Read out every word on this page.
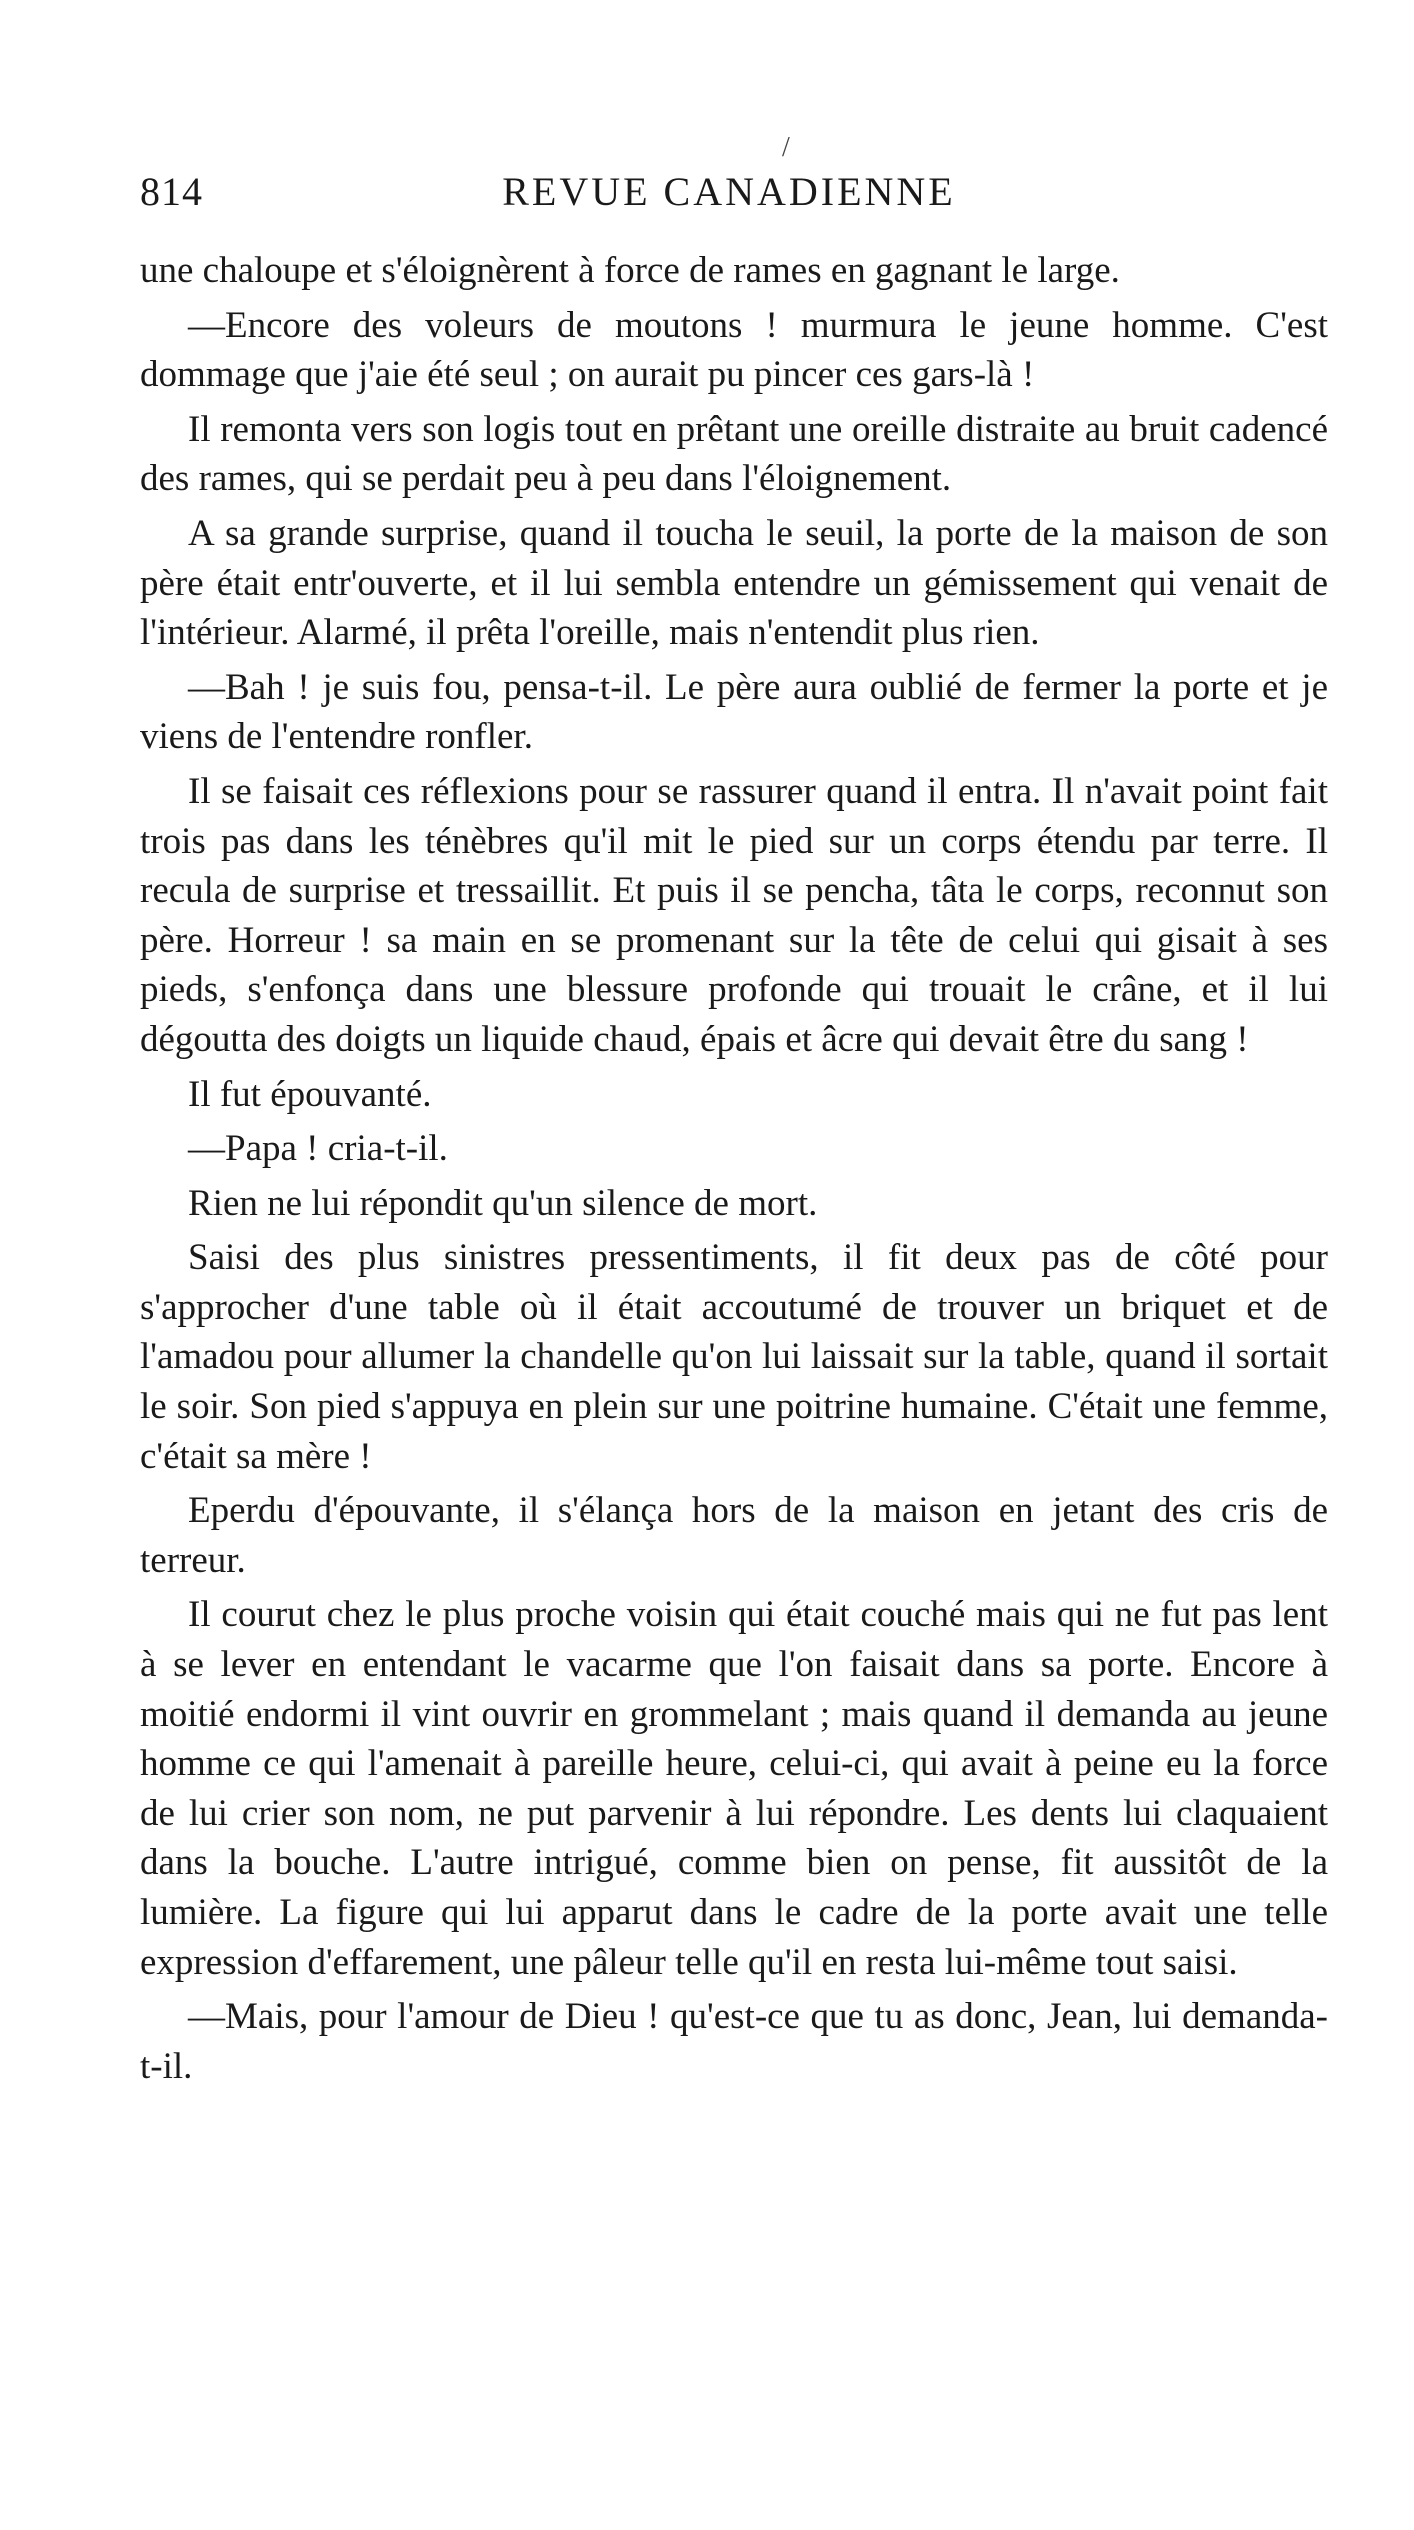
/
814	REVUE CANADIENNE

une chaloupe et s'éloignèrent à force de rames en gagnant le large.

—Encore des voleurs de moutons ! murmura le jeune homme. C'est dommage que j'aie été seul ; on aurait pu pincer ces gars-là !

Il remonta vers son logis tout en prêtant une oreille distraite au bruit cadencé des rames, qui se perdait peu à peu dans l'éloignement.

A sa grande surprise, quand il toucha le seuil, la porte de la maison de son père était entr'ouverte, et il lui sembla entendre un gémissement qui venait de l'intérieur. Alarmé, il prêta l'oreille, mais n'entendit plus rien.

—Bah ! je suis fou, pensa-t-il. Le père aura oublié de fermer la porte et je viens de l'entendre ronfler.

Il se faisait ces réflexions pour se rassurer quand il entra. Il n'avait point fait trois pas dans les ténèbres qu'il mit le pied sur un corps étendu par terre. Il recula de surprise et tressaillit. Et puis il se pencha, tâta le corps, reconnut son père. Horreur ! sa main en se promenant sur la tête de celui qui gisait à ses pieds, s'enfonça dans une blessure profonde qui trouait le crâne, et il lui dégoutta des doigts un liquide chaud, épais et âcre qui devait être du sang !

Il fut épouvanté.

—Papa ! cria-t-il.

Rien ne lui répondit qu'un silence de mort.

Saisi des plus sinistres pressentiments, il fit deux pas de côté pour s'approcher d'une table où il était accoutumé de trouver un briquet et de l'amadou pour allumer la chandelle qu'on lui laissait sur la table, quand il sortait le soir. Son pied s'appuya en plein sur une poitrine humaine. C'était une femme, c'était sa mère !

Eperdu d'épouvante, il s'élança hors de la maison en jetant des cris de terreur.

Il courut chez le plus proche voisin qui était couché mais qui ne fut pas lent à se lever en entendant le vacarme que l'on faisait dans sa porte. Encore à moitié endormi il vint ouvrir en grommelant ; mais quand il demanda au jeune homme ce qui l'amenait à pareille heure, celui-ci, qui avait à peine eu la force de lui crier son nom, ne put parvenir à lui répondre. Les dents lui claquaient dans la bouche. L'autre intrigué, comme bien on pense, fit aussitôt de la lumière. La figure qui lui apparut dans le cadre de la porte avait une telle expression d'effarement, une pâleur telle qu'il en resta lui-même tout saisi.

—Mais, pour l'amour de Dieu ! qu'est-ce que tu as donc, Jean, lui demanda-t-il.
